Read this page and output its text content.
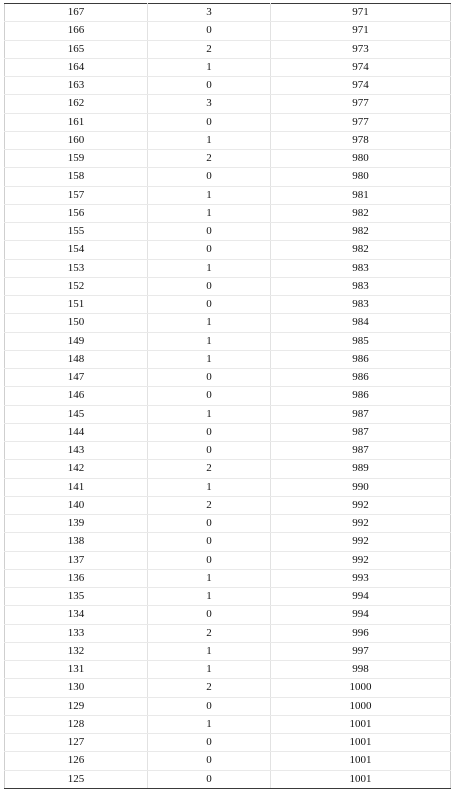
167	3	971
166	0	971
165	2	973
164	1	974
163	0	974
162	3	977
161	0	977
160	1	978
159	2	980
158	0	980
157	1	981
156	1	982
155	0	982
154	0	982
153	1	983
152	0	983
151	0	983
150	1	984
149	1	985
148	1	986
147	0	986
146	0	986
145	1	987
144	0	987
143	0	987
142	2	989
141	1	990
140	2	992
139	0	992
138	0	992
137	0	992
136	1	993
135	1	994
134	0	994
133	2	996
132	1	997
131	1	998
130	2	1000
129	0	1000
128	1	1001
127	0	1001
126	0	1001
125	0	1001
